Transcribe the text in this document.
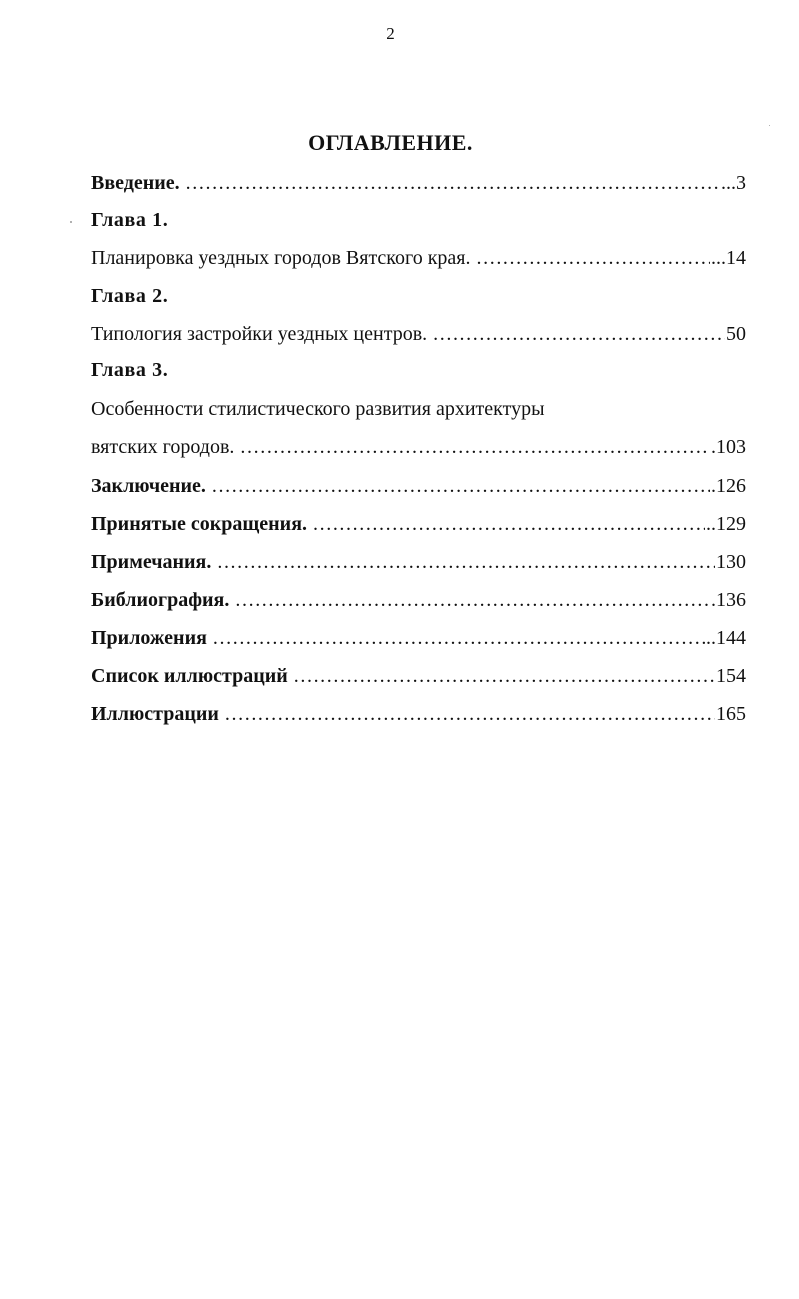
2
ОГЛАВЛЕНИЕ.
Введение. .....	...3
Глава 1.
Планировка уездных городов Вятского края. .....	...14
Глава 2.
Типология застройки уездных центров. .....	50
Глава 3.
Особенности стилистического развития архитектуры
вятских городов. .....	.103
Заключение. .....	.126
Принятые сокращения. .....	..129
Примечания. .....	130
Библиография. .....	.136
Приложения .....	..144
Список иллюстраций .....	154
Иллюстрации .....	165
